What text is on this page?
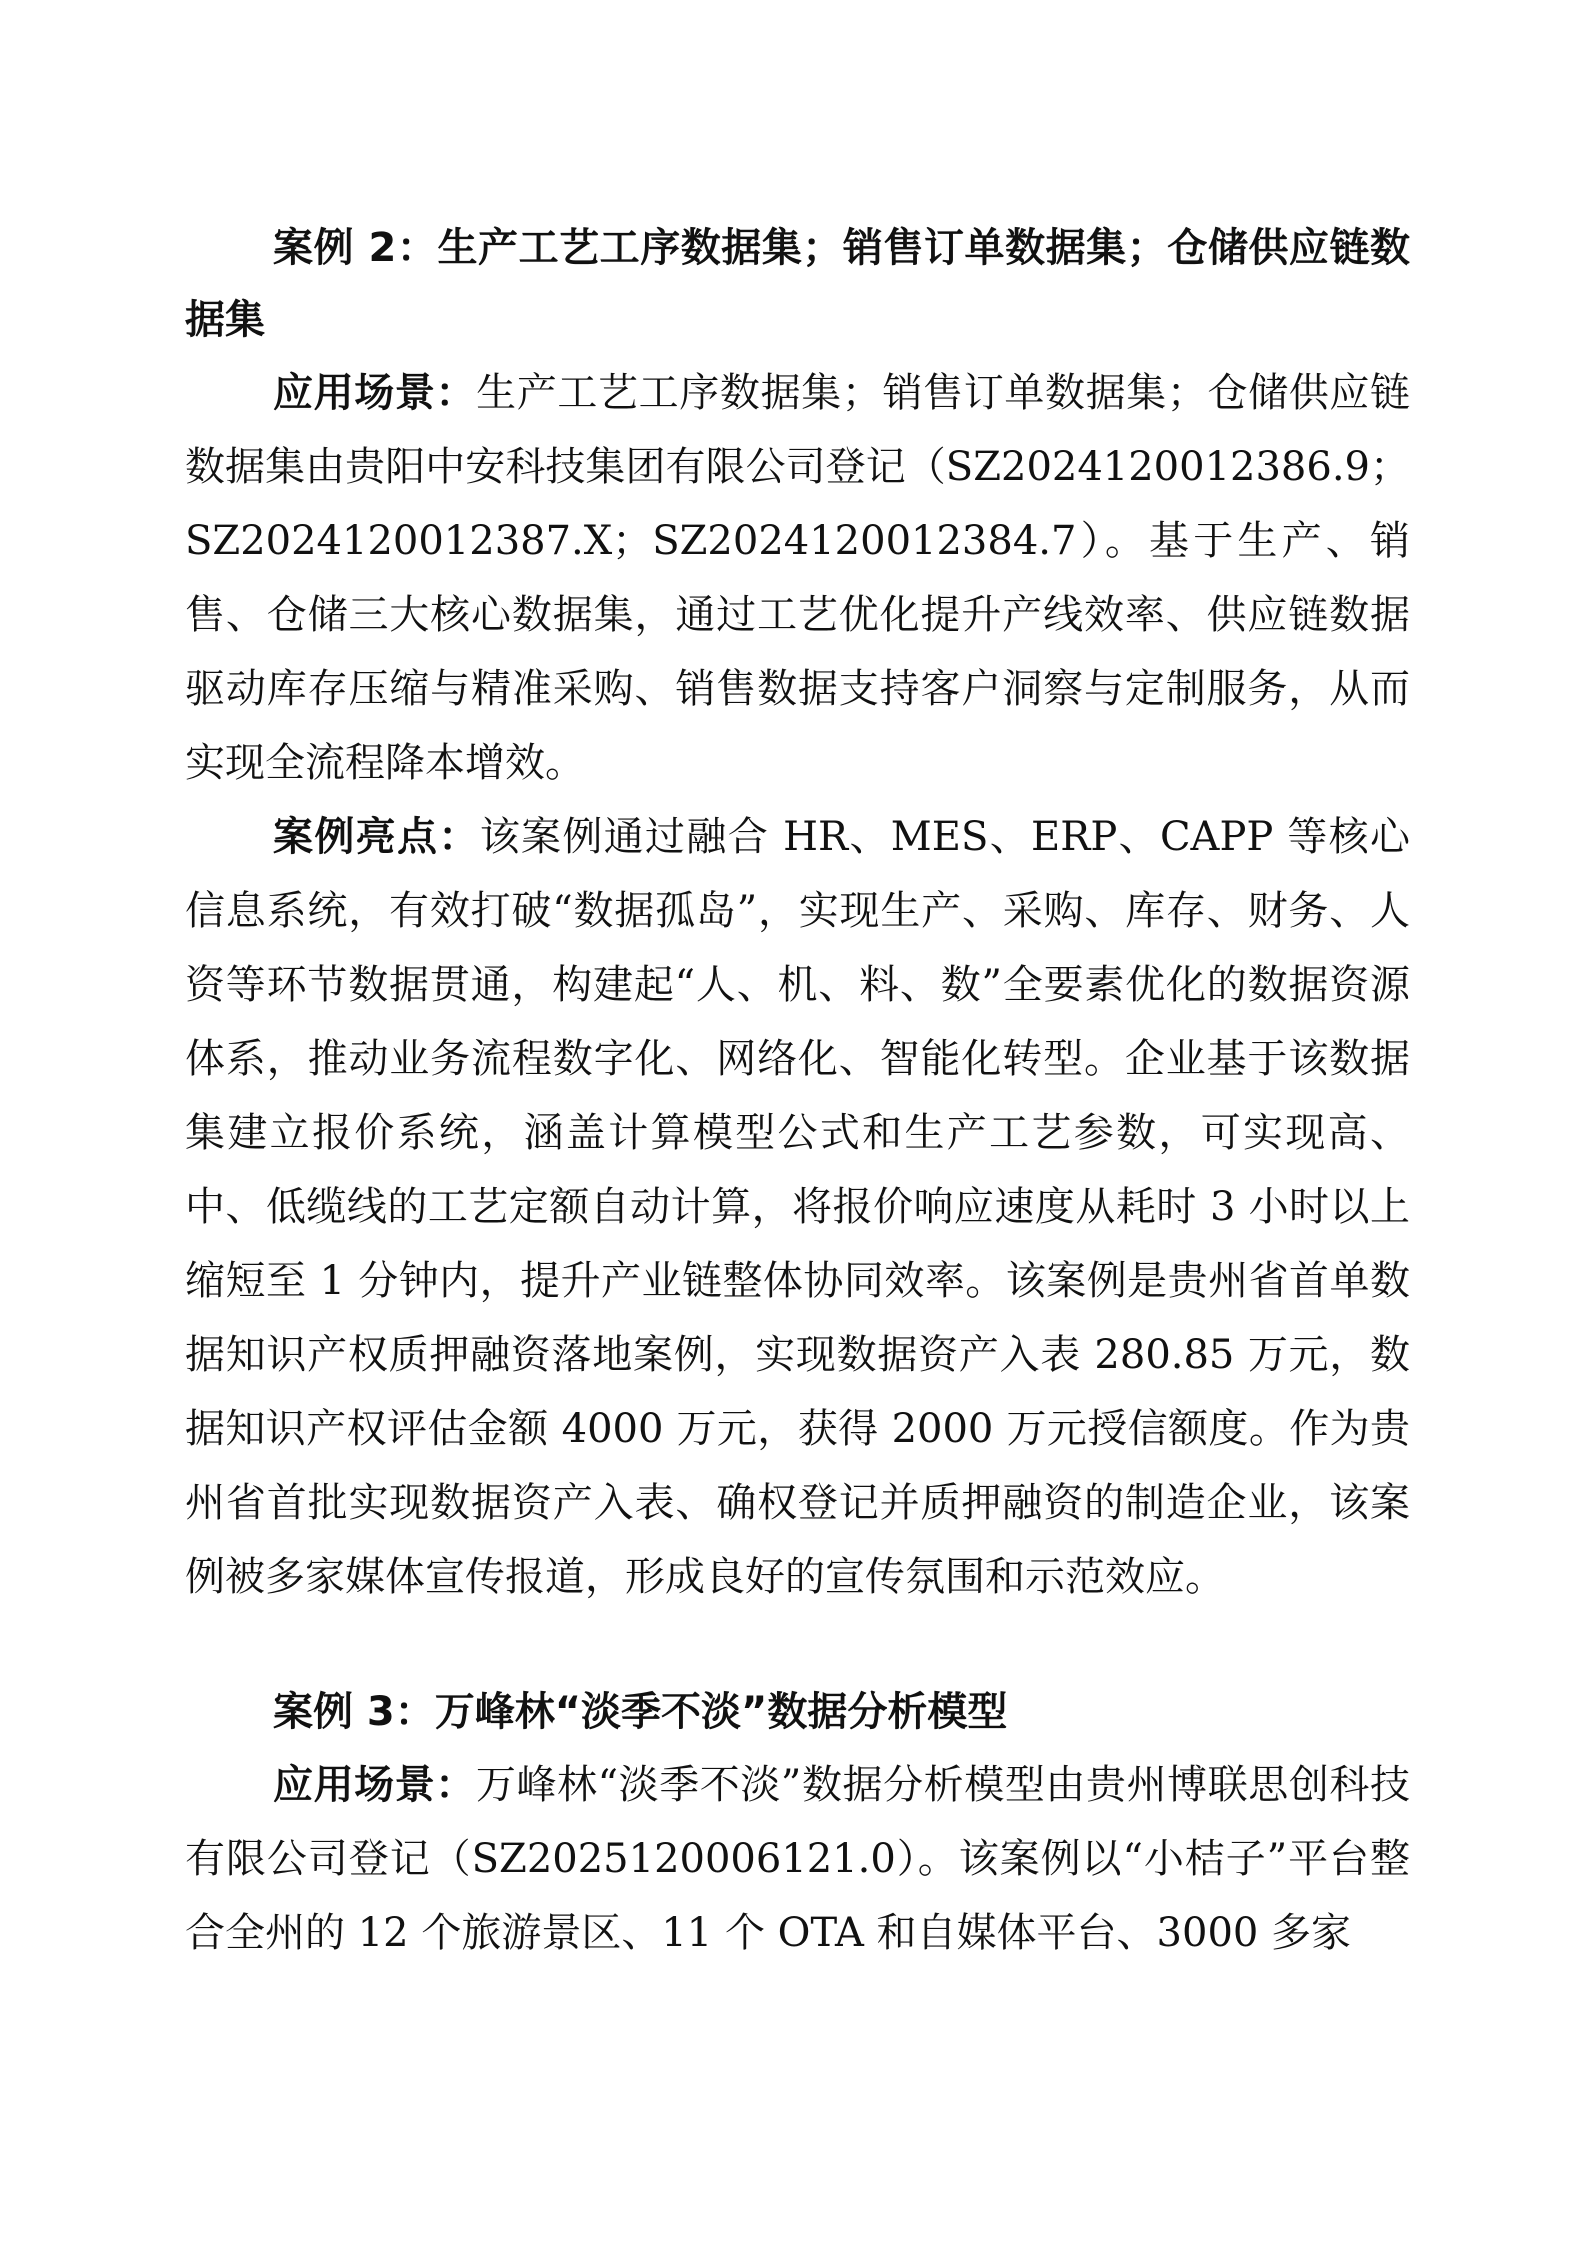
案例 2：生产工艺工序数据集；销售订单数据集；仓储供应链数据集

应用场景：生产工艺工序数据集；销售订单数据集；仓储供应链数据集由贵阳中安科技集团有限公司登记（SZ2024120012386.9；SZ2024120012387.X；SZ2024120012384.7）。基于生产、销售、仓储三大核心数据集，通过工艺优化提升产线效率、供应链数据驱动库存压缩与精准采购、销售数据支持客户洞察与定制服务，从而实现全流程降本增效。

案例亮点：该案例通过融合 HR、MES、ERP、CAPP 等核心信息系统，有效打破“数据孤岛”，实现生产、采购、库存、财务、人资等环节数据贯通，构建起“人、机、料、数”全要素优化的数据资源体系，推动业务流程数字化、网络化、智能化转型。企业基于该数据集建立报价系统，涵盖计算模型公式和生产工艺参数，可实现高、中、低缆线的工艺定额自动计算，将报价响应速度从耗时 3 小时以上缩短至 1 分钟内，提升产业链整体协同效率。该案例是贵州省首单数据知识产权质押融资落地案例，实现数据资产入表 280.85 万元，数据知识产权评估金额 4000 万元，获得 2000 万元授信额度。作为贵州省首批实现数据资产入表、确权登记并质押融资的制造企业，该案例被多家媒体宣传报道，形成良好的宣传氛围和示范效应。

案例 3：万峰林“淡季不淡”数据分析模型

应用场景：万峰林“淡季不淡”数据分析模型由贵州博联思创科技有限公司登记（SZ2025120006121.0）。该案例以“小桔子”平台整合全州的 12 个旅游景区、11 个 OTA 和自媒体平台、3000 多家
